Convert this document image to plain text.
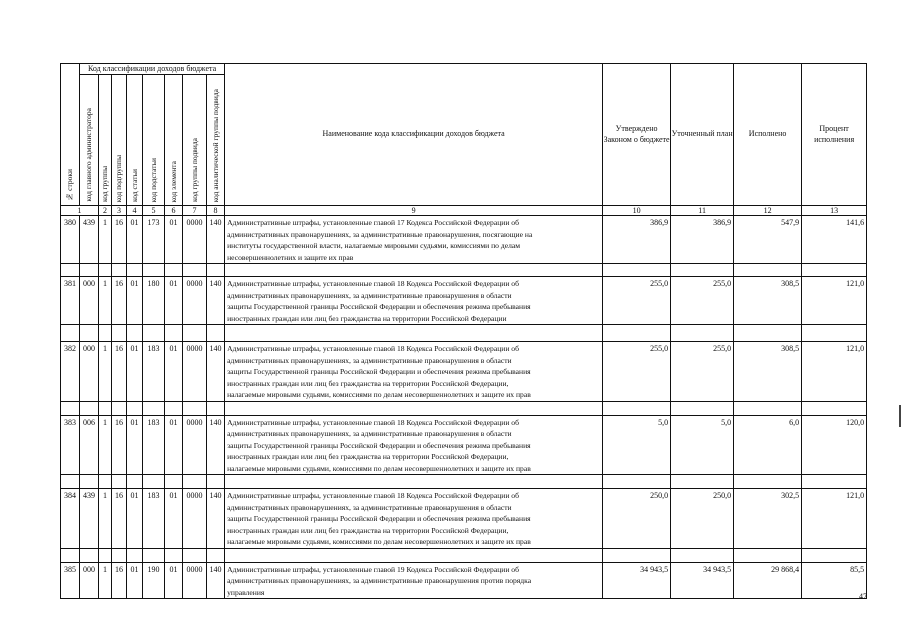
№ строки	Код классификации доходов бюджета								Наименование кода классификации доходов бюджета	Утверждено Законом о бюджете	Уточненный план	Исполнено	Процент исполнения

	код главного администратора	код группы	код подгруппы	код статьи	код подстатьи	код элемента	код группы подвида	код аналитической группы подвида					

1		2	3	4	5	6	7	8	9	10	11	12	13
380	439	1	16	01	173	01	0000	140	Административные штрафы, установленные главой 17 Кодекса Российской Федерации об
административных правонарушениях, за административные правонарушения, посягающие на
институты государственной власти, налагаемые мировыми судьями, комиссиями по делам
несовершеннолетних и защите их прав	386,9	386,9	547,9	141,6

381	000	1	16	01	180	01	0000	140	Административные штрафы, установленные главой 18 Кодекса Российской Федерации об
административных правонарушениях, за административные правонарушения в области
защиты Государственной границы Российской Федерации и обеспечения режима пребывания
иностранных граждан или лиц без гражданства на территории Российской Федерации	255,0	255,0	308,5	121,0

382	000	1	16	01	183	01	0000	140	Административные штрафы, установленные главой 18 Кодекса Российской Федерации об
административных правонарушениях, за административные правонарушения в области
защиты Государственной границы Российской Федерации и обеспечения режима пребывания
иностранных граждан или лиц без гражданства на территории Российской Федерации,
налагаемые мировыми судьями, комиссиями по делам несовершеннолетних и защите их прав	255,0	255,0	308,5	121,0

383	006	1	16	01	183	01	0000	140	Административные штрафы, установленные главой 18 Кодекса Российской Федерации об
административных правонарушениях, за административные правонарушения в области
защиты Государственной границы Российской Федерации и обеспечения режима пребывания
иностранных граждан или лиц без гражданства на территории Российской Федерации,
налагаемые мировыми судьями, комиссиями по делам несовершеннолетних и защите их прав	5,0	5,0	6,0	120,0

384	439	1	16	01	183	01	0000	140	Административные штрафы, установленные главой 18 Кодекса Российской Федерации об
административных правонарушениях, за административные правонарушения в области
защиты Государственной границы Российской Федерации и обеспечения режима пребывания
иностранных граждан или лиц без гражданства на территории Российской Федерации,
налагаемые мировыми судьями, комиссиями по делам несовершеннолетних и защите их прав	250,0	250,0	302,5	121,0

385	000	1	16	01	190	01	0000	140	Административные штрафы, установленные главой 19 Кодекса Российской Федерации об
административных правонарушениях, за административные правонарушения против порядка
управления	34 943,5	34 943,5	29 868,4	85,5
47
